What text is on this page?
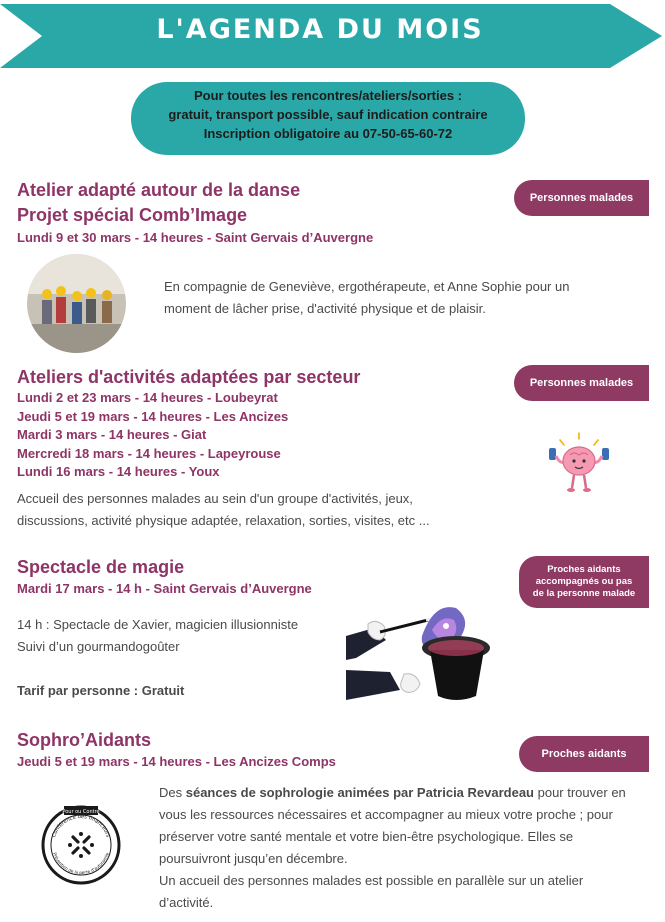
L'AGENDA DU MOIS
Pour toutes les rencontres/ateliers/sorties :
gratuit, transport possible, sauf indication contraire
Inscription obligatoire au 07-50-65-60-72
Atelier adapté autour de la danse
Projet spécial Comb’Image
Lundi 9 et 30 mars - 14 heures - Saint Gervais d’Auvergne
Personnes malades
En compagnie de Geneviève, ergothérapeute, et Anne Sophie pour un
moment de lâcher prise, d'activité physique et de plaisir.
Ateliers d'activités adaptées par secteur	Personnes malades
Lundi 2 et 23 mars - 14 heures - Loubeyrat
Jeudi 5 et 19 mars - 14 heures - Les Ancizes
Mardi 3 mars - 14 heures - Giat
Mercredi 18 mars - 14 heures - Lapeyrouse
Lundi 16 mars - 14 heures - Youx
Accueil des personnes malades au sein d'un groupe d'activités, jeux,
discussions, activité physique adaptée, relaxation, sorties, visites, etc ...
Spectacle de magie
Mardi 17 mars - 14 h - Saint Gervais d’Auvergne
Proches aidants
accompagnés ou pas
de la personne malade
14 h : Spectacle de Xavier, magicien illusionniste
Suivi d’un gourmandogoûter
Tarif par personne : Gratuit
Sophro’Aidants
Jeudi 5 et 19 mars - 14 heures - Les Ancizes Comps	Proches aidants
Pour ou Contre
Conférence des financeurs
Prévention de la perte d'autonomie
Des séances de sophrologie animées par Patricia Revardeau pour trouver en
vous les ressources nécessaires et accompagner au mieux votre proche ; pour
préserver votre santé mentale et votre bien-être psychologique. Elles se
poursuivront jusqu’en décembre.
Un accueil des personnes malades est possible en parallèle sur un atelier
d’activité.
